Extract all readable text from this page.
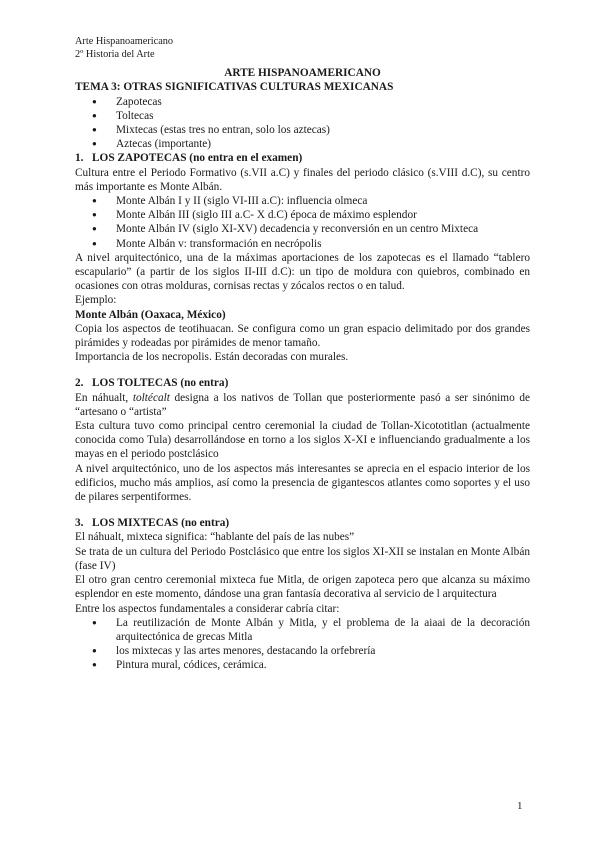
Arte Hispanoamericano
2º Historia del Arte
ARTE HISPANOAMERICANO
TEMA 3: OTRAS SIGNIFICATIVAS CULTURAS MEXICANAS
● Zapotecas
● Toltecas
● Mixtecas (estas tres no entran, solo los aztecas)
● Aztecas (importante)
1. LOS ZAPOTECAS (no entra en el examen)
Cultura entre el Periodo Formativo (s.VII a.C) y finales del periodo clásico (s.VIII d.C), su centro más importante es Monte Albán.
● Monte Albán I y II (siglo VI-III a.C): influencia olmeca
● Monte Albán III (siglo III a.C- X d.C) época de máximo esplendor
● Monte Albán IV (siglo XI-XV) decadencia y reconversión en un centro Mixteca
● Monte Albán v: transformación en necrópolis
A nivel arquitectónico, una de la máximas aportaciones de los zapotecas es el llamado “tablero escapulario” (a partir de los siglos II-III d.C): un tipo de moldura con quiebros, combinado en ocasiones con otras molduras, cornisas rectas y zócalos rectos o en talud.
Ejemplo:
Monte Albán (Oaxaca, México)
Copia los aspectos de teotihuacan. Se configura como un gran espacio delimitado por dos grandes pirámides y rodeadas por pirámides de menor tamaño.
Importancia de los necropolis. Están decoradas con murales.
2. LOS TOLTECAS (no entra)
En náhualt, toltécalt designa a los nativos de Tollan que posteriormente pasó a ser sinónimo de “artesano o “artista”
Esta cultura tuvo como principal centro ceremonial la ciudad de Tollan-Xicototitlan (actualmente conocida como Tula) desarrollándose en torno a los siglos X-XI e influenciando gradualmente a los mayas en el periodo postclásico
A nivel arquitectónico, uno de los aspectos más interesantes se aprecia en el espacio interior de los edificios, mucho más amplios, así como la presencia de gigantescos atlantes como soportes y el uso de pilares serpentiformes.
3. LOS MIXTECAS (no entra)
El náhualt, mixteca significa: “hablante del país de las nubes”
Se trata de un cultura del Periodo Postclásico que entre los siglos XI-XII se instalan en Monte Albán (fase IV)
El otro gran centro ceremonial mixteca fue Mitla, de origen zapoteca pero que alcanza su máximo esplendor en este momento, dándose una gran fantasía decorativa al servicio de l arquitectura
Entre los aspectos fundamentales a considerar cabría citar:
● La reutilización de Monte Albán y Mitla, y el problema de la aiaai de la decoración arquitectónica de grecas Mitla
● los mixtecas y las artes menores, destacando la orfebrería
● Pintura mural, códices, cerámica.
1
